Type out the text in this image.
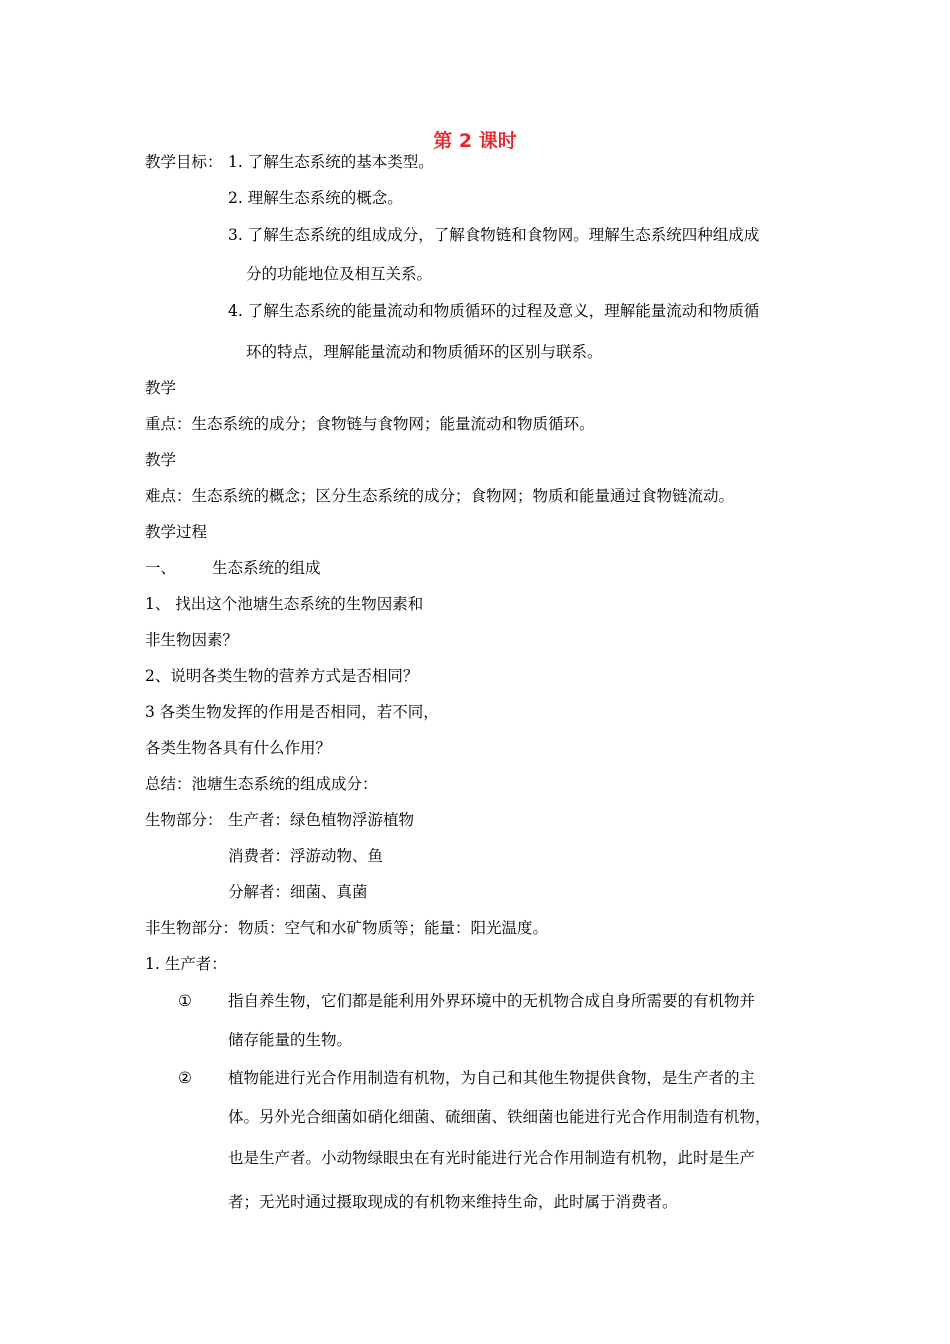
第 2 课时
教学目标： 1. 了解生态系统的基本类型。
2. 理解生态系统的概念。
3. 了解生态系统的组成成分，了解食物链和食物网。理解生态系统四种组成成
分的功能地位及相互关系。
4. 了解生态系统的能量流动和物质循环的过程及意义，理解能量流动和物质循
环的特点，理解能量流动和物质循环的区别与联系。
教学
重点：生态系统的成分；食物链与食物网；能量流动和物质循环。
教学
难点：生态系统的概念；区分生态系统的成分；食物网；物质和能量通过食物链流动。
教学过程
一、 生态系统的组成
1、 找出这个池塘生态系统的生物因素和
非生物因素？
2、说明各类生物的营养方式是否相同？
3 各类生物发挥的作用是否相同，若不同，
各类生物各具有什么作用？
总结：池塘生态系统的组成成分：
生物部分： 生产者：绿色植物浮游植物
消费者：浮游动物、鱼
分解者：细菌、真菌
非生物部分：物质：空气和水矿物质等；能量：阳光温度。
1. 生产者：
① 指自养生物，它们都是能利用外界环境中的无机物合成自身所需要的有机物并
储存能量的生物。
② 植物能进行光合作用制造有机物，为自己和其他生物提供食物，是生产者的主
体。另外光合细菌如硝化细菌、硫细菌、铁细菌也能进行光合作用制造有机物，
也是生产者。小动物绿眼虫在有光时能进行光合作用制造有机物，此时是生产
者；无光时通过摄取现成的有机物来维持生命，此时属于消费者。
